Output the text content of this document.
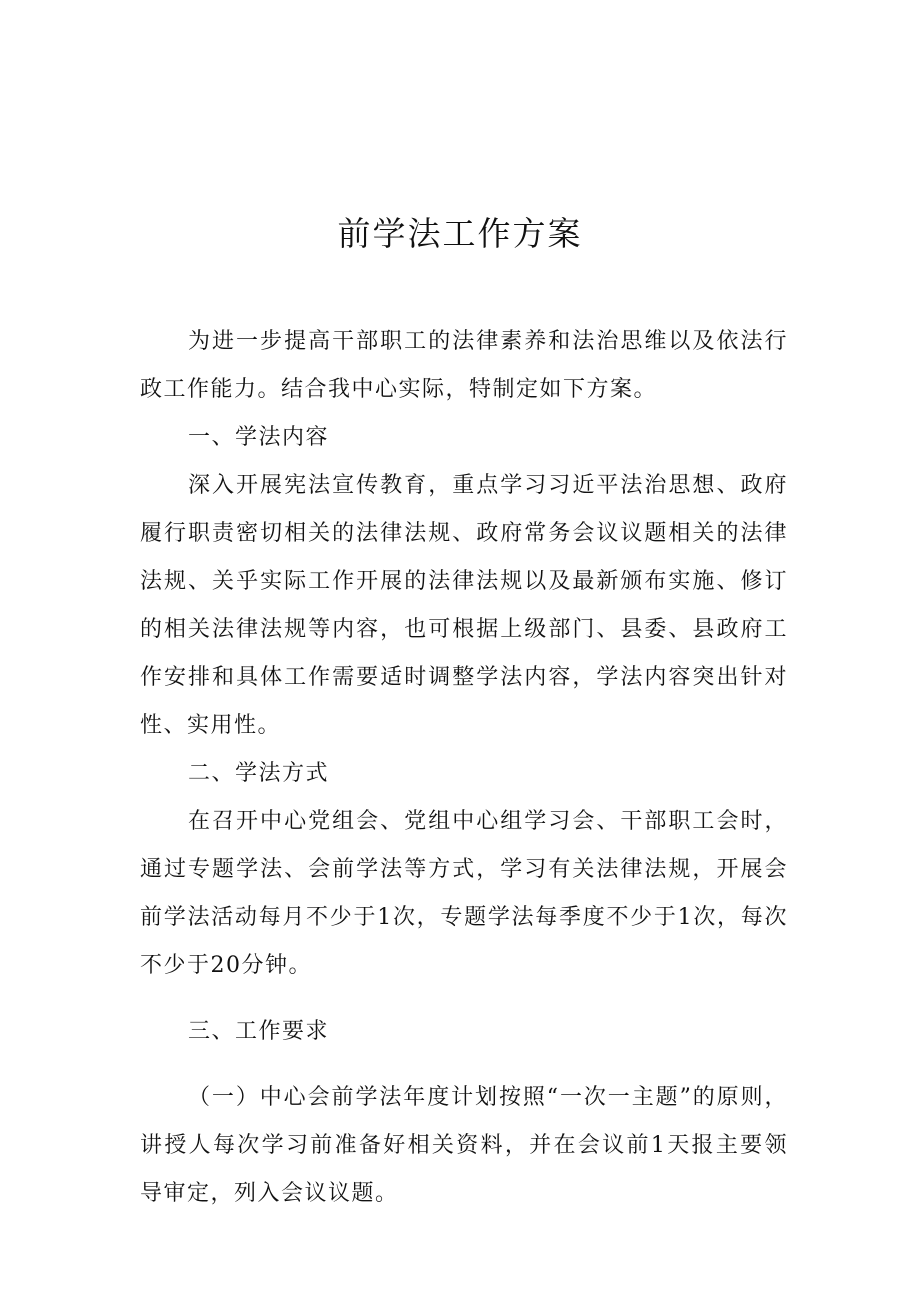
前学法工作方案

为进一步提高干部职工的法律素养和法治思维以及依法行政工作能力。结合我中心实际，特制定如下方案。

一、学法内容

深入开展宪法宣传教育，重点学习习近平法治思想、政府履行职责密切相关的法律法规、政府常务会议议题相关的法律法规、关乎实际工作开展的法律法规以及最新颁布实施、修订的相关法律法规等内容，也可根据上级部门、县委、县政府工作安排和具体工作需要适时调整学法内容，学法内容突出针对性、实用性。

二、学法方式

在召开中心党组会、党组中心组学习会、干部职工会时，通过专题学法、会前学法等方式，学习有关法律法规，开展会前学法活动每月不少于1次，专题学法每季度不少于1次，每次不少于20分钟。

三、工作要求

（一）中心会前学法年度计划按照“一次一主题”的原则，讲授人每次学习前准备好相关资料，并在会议前1天报主要领导审定，列入会议议题。
